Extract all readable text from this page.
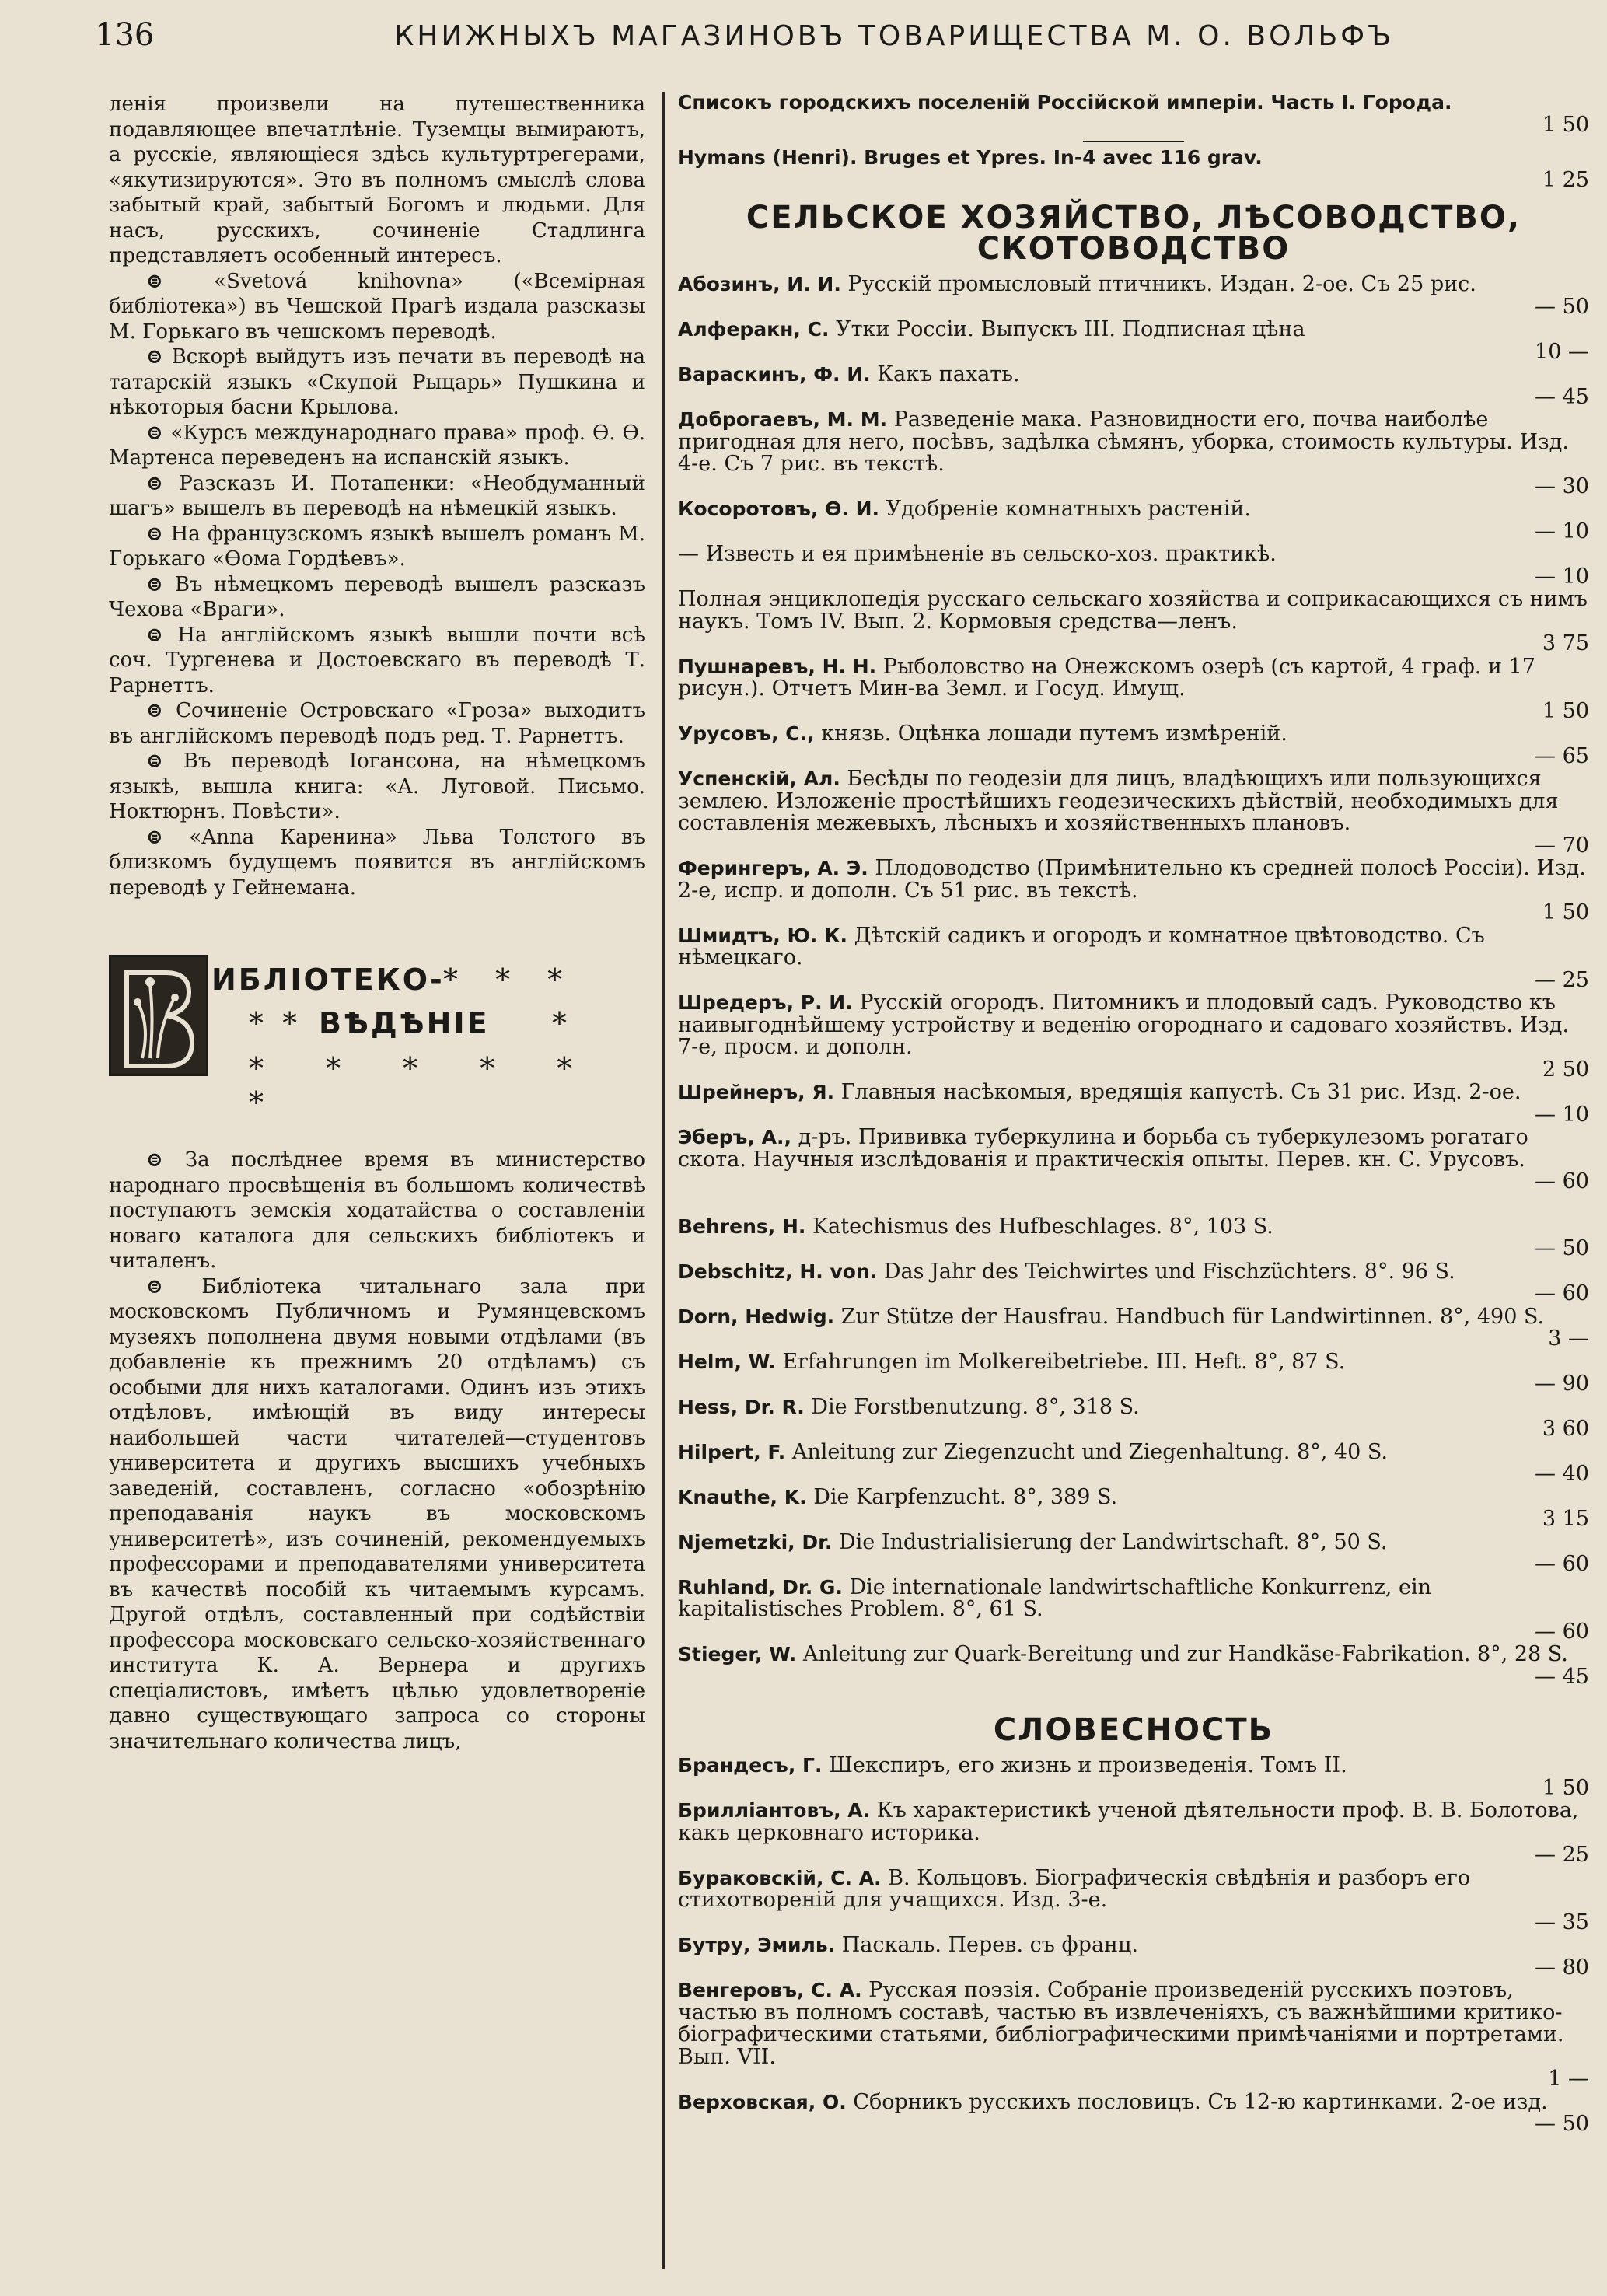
136	КНИЖНЫХЪ МАГАЗИНОВЪ ТОВАРИЩЕСТВА М. О. ВОЛЬФЪ

ленія произвели на путешественника подавляющее впечатлѣніе. Туземцы вымираютъ, а русскіе, являющіеся здѣсь культуртрегерами, «якутизируются». Это въ полномъ смыслѣ слова забытый край, забытый Богомъ и людьми. Для насъ, русскихъ, сочиненіе Стадлинга представляетъ особенный интересъ.

⊜ «Svetová knihovna» («Всемірная библіотека») въ Чешской Прагѣ издала разсказы М. Горькаго въ чешскомъ переводѣ.

⊜ Вскорѣ выйдутъ изъ печати въ переводѣ на татарскій языкъ «Скупой Рыцарь» Пушкина и нѣкоторыя басни Крылова.

⊜ «Курсъ международнаго права» проф. Ѳ. Ѳ. Мартенса переведенъ на испанскій языкъ.

⊜ Разсказъ И. Потапенки: «Необдуманный шагъ» вышелъ въ переводѣ на нѣмецкій языкъ.

⊜ На французскомъ языкѣ вышелъ романъ М. Горькаго «Ѳома Гордѣевъ».

⊜ Въ нѣмецкомъ переводѣ вышелъ разсказъ Чехова «Враги».

⊜ На англійскомъ языкѣ вышли почти всѣ соч. Тургенева и Достоевскаго въ переводѣ Т. Рарнеттъ.

⊜ Сочиненіе Островскаго «Гроза» выходитъ въ англійскомъ переводѣ подъ ред. Т. Рарнеттъ.

⊜ Въ переводѣ Іогансона, на нѣмецкомъ языкѣ, вышла книга: «А. Луговой. Письмо. Ноктюрнъ. Повѣсти».

⊜ «Anna Каренина» Льва Толстого въ близкомъ будущемъ появится въ англійскомъ переводѣ у Гейнемана.

ИБЛІОТЕКО-
* * *
* * ВѢДѢНІЕ *
* * * * * *

⊜ За послѣднее время въ министерство народнаго просвѣщенія въ большомъ количествѣ поступаютъ земскія ходатайства о составленіи новаго каталога для сельскихъ библіотекъ и читаленъ.

⊜ Библіотека читальнаго зала при московскомъ Публичномъ и Румянцевскомъ музеяхъ пополнена двумя новыми отдѣлами (въ добавленіе къ прежнимъ 20 отдѣламъ) съ особыми для нихъ каталогами. Одинъ изъ этихъ отдѣловъ, имѣющій въ виду интересы наибольшей части читателей—студентовъ университета и другихъ высшихъ учебныхъ заведеній, составленъ, согласно «обозрѣнію преподаванія наукъ въ московскомъ университетѣ», изъ сочиненій, рекомендуемыхъ профессорами и преподавателями университета въ качествѣ пособій къ читаемымъ курсамъ. Другой отдѣлъ, составленный при содѣйствіи профессора московскаго сельско-хозяйственнаго института К. А. Вернера и другихъ спеціалистовъ, имѣетъ цѣлью удовлетвореніе давно существующаго запроса со стороны значительнаго количества лицъ,

Списокъ городскихъ поселеній Россійской имперіи. Часть I. Города.
1 50
Hymans (Henri). Bruges et Ypres. In-4 avec 116 grav.
1 25
СЕЛЬСКОЕ ХОЗЯЙСТВО, ЛѢСОВОДСТВО, СКОТОВОДСТВО
Абозинъ, И. И. Русскій промысловый птичникъ. Издан. 2-ое. Съ 25 рис.
— 50
Алферакн, С. Утки Россіи. Выпускъ III. Подписная цѣна
10 —
Вараскинъ, Ф. И. Какъ пахать.
— 45
Доброгаевъ, М. М. Разведеніе мака. Разновидности его, почва наиболѣе пригодная для него, посѣвъ, задѣлка сѣмянъ, уборка, стоимость культуры. Изд. 4-е. Съ 7 рис. въ текстѣ.
— 30
Косоротовъ, Ѳ. И. Удобреніе комнатныхъ растеній.
— 10
— Известь и ея примѣненіе въ сельско-хоз. практикѣ.
— 10
Полная энциклопедія русскаго сельскаго хозяйства и соприкасающихся съ нимъ наукъ. Томъ IV. Вып. 2. Кормовыя средства—ленъ.
3 75
Пушнаревъ, Н. Н. Рыболовство на Онежскомъ озерѣ (съ картой, 4 граф. и 17 рисун.). Отчетъ Мин-ва Земл. и Госуд. Имущ.
1 50
Урусовъ, С., князь. Оцѣнка лошади путемъ измѣреній.
— 65
Успенскій, Ал. Бесѣды по геодезіи для лицъ, владѣющихъ или пользующихся землею. Изложеніе простѣйшихъ геодезическихъ дѣйствій, необходимыхъ для составленія межевыхъ, лѣсныхъ и хозяйственныхъ плановъ.
— 70
Ферингеръ, А. Э. Плодоводство (Примѣнительно къ средней полосѣ Россіи). Изд. 2-е, испр. и дополн. Съ 51 рис. въ текстѣ.
1 50
Шмидтъ, Ю. К. Дѣтскій садикъ и огородъ и комнатное цвѣтоводство. Съ нѣмецкаго.
— 25
Шредеръ, Р. И. Русскій огородъ. Питомникъ и плодовый садъ. Руководство къ наивыгоднѣйшему устройству и веденію огороднаго и садоваго хозяйствъ. Изд. 7-е, просм. и дополн.
2 50
Шрейнеръ, Я. Главныя насѣкомыя, вредящія капустѣ. Съ 31 рис. Изд. 2-ое.
— 10
Эберъ, А., д-ръ. Прививка туберкулина и борьба съ туберкулезомъ рогатаго скота. Научныя изслѣдованія и практическія опыты. Перев. кн. С. Урусовъ.
— 60
Behrens, H. Katechismus des Hufbeschlages. 8°, 103 S.
— 50
Debschitz, H. von. Das Jahr des Teichwirtes und Fischzüchters. 8°. 96 S.
— 60
Dorn, Hedwig. Zur Stütze der Hausfrau. Handbuch für Landwirtinnen. 8°, 490 S.
3 —
Helm, W. Erfahrungen im Molkereibetriebe. III. Heft. 8°, 87 S.
— 90
Hess, Dr. R. Die Forstbenutzung. 8°, 318 S.
3 60
Hilpert, F. Anleitung zur Ziegenzucht und Ziegenhaltung. 8°, 40 S.
— 40
Knauthe, K. Die Karpfenzucht. 8°, 389 S.
3 15
Njemetzki, Dr. Die Industrialisierung der Landwirtschaft. 8°, 50 S.
— 60
Ruhland, Dr. G. Die internationale landwirtschaftliche Konkurrenz, ein kapitalistisches Problem. 8°, 61 S.
— 60
Stieger, W. Anleitung zur Quark-Bereitung und zur Handkäse-Fabrikation. 8°, 28 S.
— 45
СЛОВЕСНОСТЬ
Брандесъ, Г. Шекспиръ, его жизнь и произведенія. Томъ II.
1 50
Бриллiантовъ, А. Къ характеристикѣ ученой дѣятельности проф. В. В. Болотова, какъ церковнаго историка.
— 25
Бураковскій, С. А. В. Кольцовъ. Біографическія свѣдѣнія и разборъ его стихотвореній для учащихся. Изд. 3-е.
— 35
Бутру, Эмиль. Паскаль. Перев. съ франц.
— 80
Венгеровъ, С. А. Русская поэзія. Собраніе произведеній русскихъ поэтовъ, частью въ полномъ составѣ, частью въ извлеченіяхъ, съ важнѣйшими критико-біографическими статьями, библіографическими примѣчаніями и портретами. Вып. VII.
1 —
Верховская, О. Сборникъ русскихъ пословицъ. Съ 12-ю картинками. 2-ое изд.
— 50
